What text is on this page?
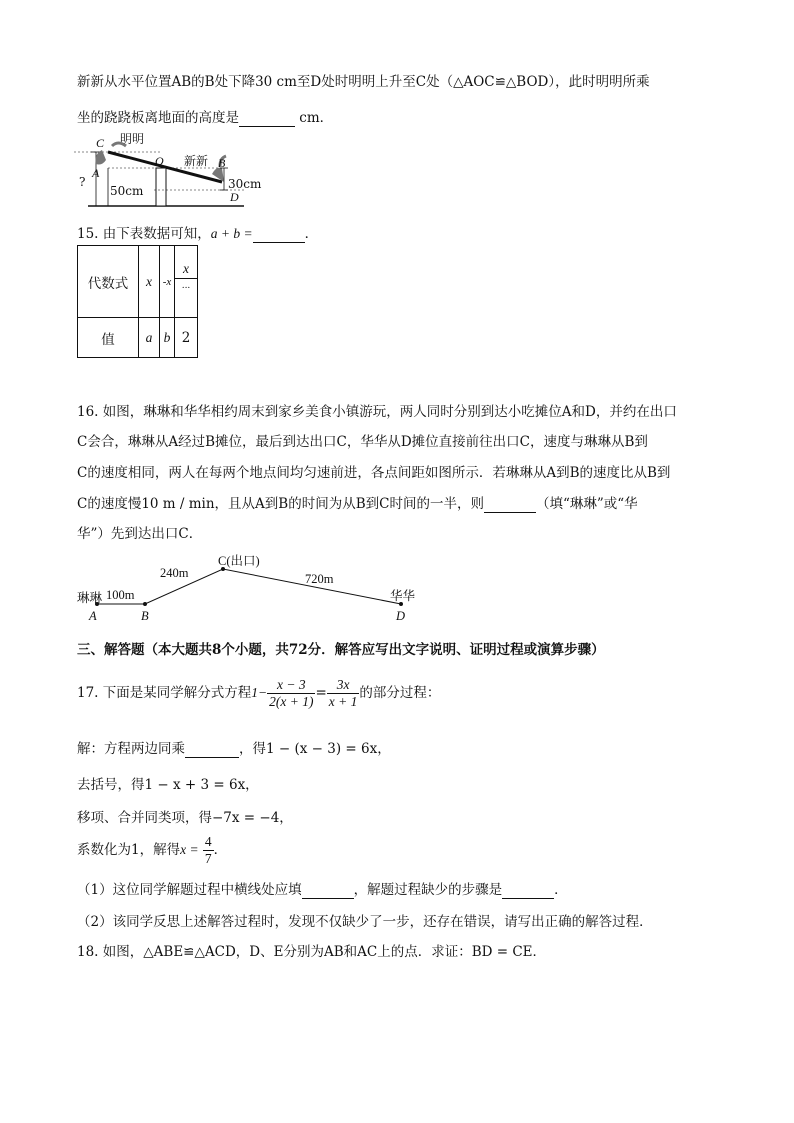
新新从水平位置AB的B处下降30 cm至D处时明明上升至C处（△AOC≌△BOD），此时明明所乘
坐的跷跷板离地面的高度是	cm．
C 明明
O 新新 B
?
A
50cm	30cm
D
15. 由下表数据可知，a + b =	．
代数式	x	-x	x
...

值	a	b	2
16. 如图，琳琳和华华相约周末到家乡美食小镇游玩，两人同时分别到达小吃摊位A和D，并约在出口
C会合，琳琳从A经过B摊位，最后到达出口C，华华从D摊位直接前往出口C，速度与琳琳从B到
C的速度相同，两人在每两个地点间均匀速前进，各点间距如图所示．若琳琳从A到B的速度比从B到
C的速度慢10 m / min，且从A到B的时间为从B到C时间的一半，则	（填“琳琳”或“华
华”）先到达出口C．
C(出口)
琳琳 100m
240m	720m
华华
A	B	D
三、解答题（本大题共8个小题，共72分．解答应写出文字说明、证明过程或演算步骤）
17. 下面是某同学解分式方程$1- \frac{x - 3}{2(x + 1)} = \frac{3x}{x + 1}$ 的部分过程：
解：方程两边同乘	，得1 − (x − 3) = 6x，
去括号，得1 − x + 3 = 6x，
移项、合并同类项，得−7x = −4，
系数化为1，解得$x = \frac{4}{7}$ ．
（1）这位同学解题过程中横线处应填	，解题过程缺少的步骤是	．
（2）该同学反思上述解答过程时，发现不仅缺少了一步，还存在错误，请写出正确的解答过程．
18. 如图，△ABE≌△ACD，D、E分别为AB和AC上的点．求证：BD = CE．
